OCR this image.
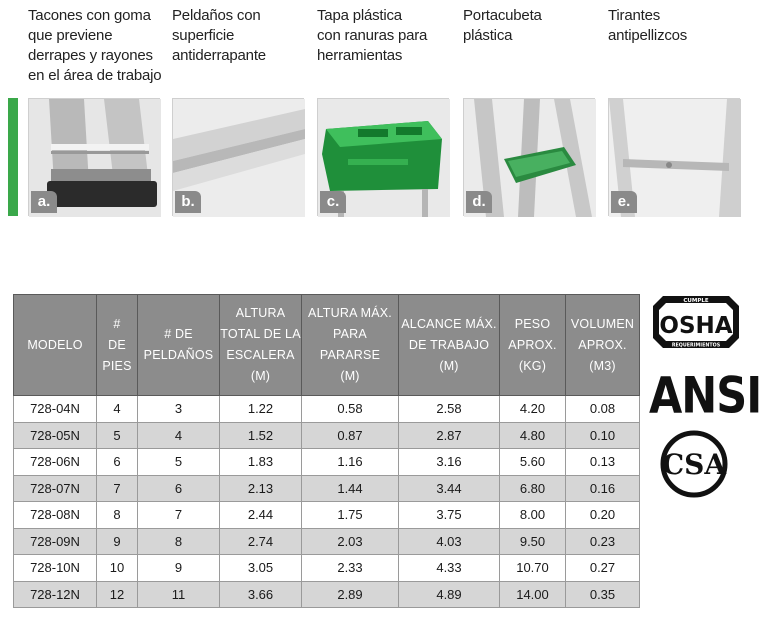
Tacones con goma
que previene
derrapes y rayones
en el área de trabajo
a.
Peldaños con
superficie
antiderrapante
b.
Tapa plástica
con ranuras para
herramientas
c.
Portacubeta
plástica
d.
Tirantes
antipellizcos
e.
MODELO	#
DE
PIES	# DE
PELDAÑOS	ALTURA
TOTAL DE LA
ESCALERA
(M)	ALTURA MÁX.
PARA PARARSE
(M)	ALCANCE MÁX.
DE TRABAJO
(M)	PESO
APROX.
(KG)	VOLUMEN
APROX.
(M3)
728-04N	4	3	1.22	0.58	2.58	4.20	0.08
728-05N	5	4	1.52	0.87	2.87	4.80	0.10
728-06N	6	5	1.83	1.16	3.16	5.60	0.13
728-07N	7	6	2.13	1.44	3.44	6.80	0.16
728-08N	8	7	2.44	1.75	3.75	8.00	0.20
728-09N	9	8	2.74	2.03	4.03	9.50	0.23
728-10N	10	9	3.05	2.33	4.33	10.70	0.27
728-12N	12	11	3.66	2.89	4.89	14.00	0.35
CUMPLE
OSHA
REQUERIMIENTOS
ANSI
CSA
